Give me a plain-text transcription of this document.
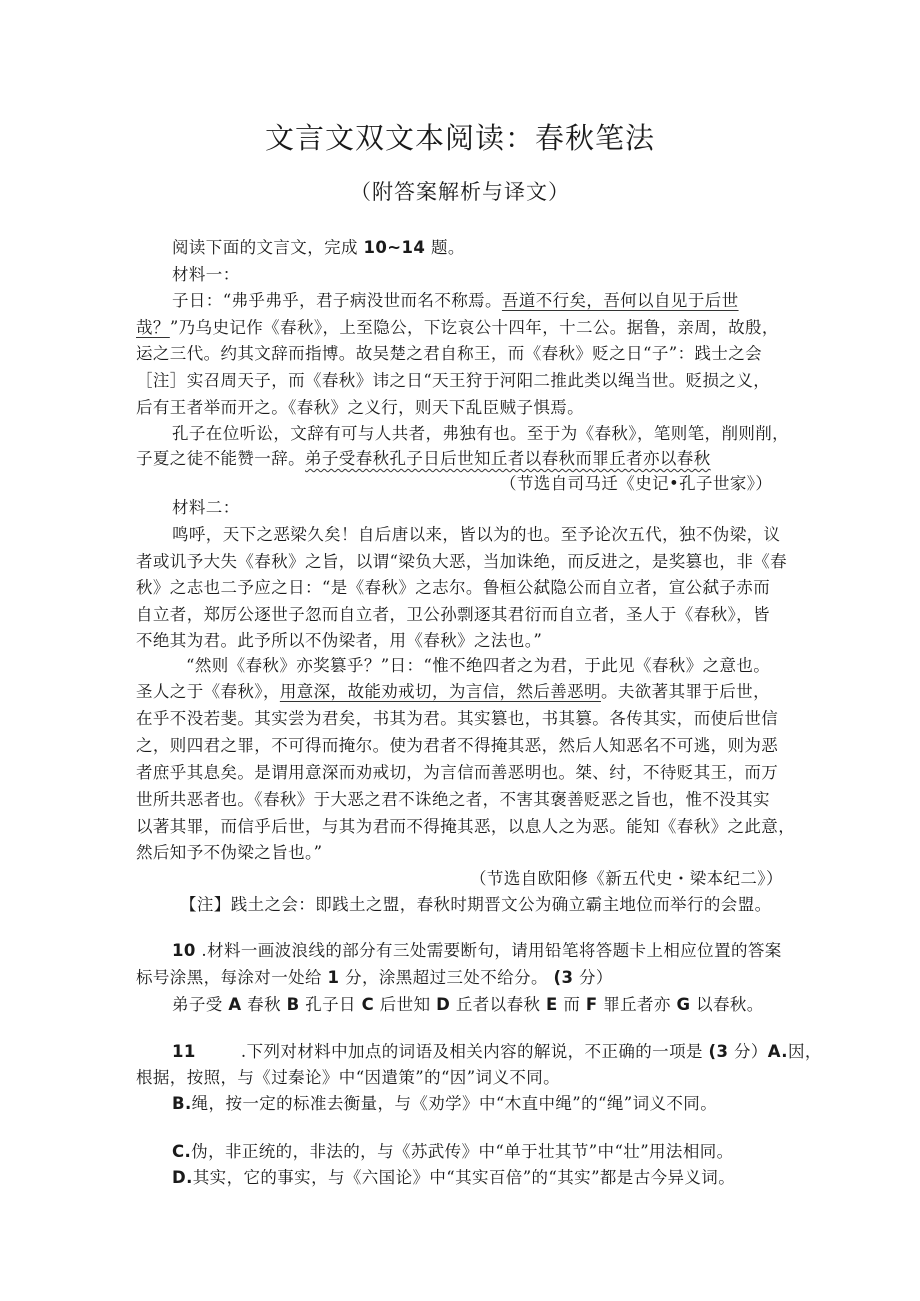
文言文双文本阅读：春秋笔法
（附答案解析与译文）
阅读下面的文言文，完成 10~14 题。
材料一：
子日：“弗乎弗乎，君子病没世而名不称焉。吾道不行矣，吾何以自见于后世
哉？”乃乌史记作《春秋》，上至隐公，下讫哀公十四年，十二公。据鲁，亲周，故殷，
运之三代。约其文辞而指博。故吴楚之君自称王，而《春秋》贬之日“子”：践士之会
［注］实召周天子，而《春秋》讳之日“天王狩于河阳二推此类以绳当世。贬损之义，
后有王者举而开之。《春秋》之义行，则天下乱臣贼子惧焉。
孔子在位听讼，文辞有可与人共者，弗独有也。至于为《春秋》，笔则笔，削则削，
子夏之徒不能赞一辞。弟子受春秋孔子日后世知丘者以春秋而罪丘者亦以春秋
（节选自司马迁《史记•孔子世家》）
材料二：
鸣呼，天下之恶梁久矣！自后唐以来，皆以为的也。至予论次五代，独不伪梁，议
者或讥予大失《春秋》之旨，以谓“梁负大恶，当加诛绝，而反进之，是奖篡也，非《春
秋》之志也二予应之日：“是《春秋》之志尔。鲁桓公弑隐公而自立者，宣公弑子赤而
自立者，郑厉公逐世子忽而自立者，卫公孙剽逐其君衍而自立者，圣人于《春秋》，皆
不绝其为君。此予所以不伪梁者，用《春秋》之法也。”
“然则《春秋》亦奖篡乎？”日：“惟不绝四者之为君，于此见《春秋》之意也。
圣人之于《春秋》，用意深，故能劝戒切，为言信，然后善恶明。夫欲著其罪于后世，
在乎不没若斐。其实尝为君矣，书其为君。其实篡也，书其篡。各传其实，而使后世信
之，则四君之罪，不可得而掩尔。使为君者不得掩其恶，然后人知恶名不可逃，则为恶
者庶乎其息矣。是谓用意深而劝戒切，为言信而善恶明也。桀、纣，不待贬其王，而万
世所共恶者也。《春秋》于大恶之君不诛绝之者，不害其褒善贬恶之旨也，惟不没其实
以著其罪，而信乎后世，与其为君而不得掩其恶，以息人之为恶。能知《春秋》之此意，
然后知予不伪梁之旨也。”
（节选自欧阳修《新五代史・梁本纪二》）
【注】践土之会：即践土之盟，春秋时期晋文公为确立霸主地位而举行的会盟。
10 .材料一画波浪线的部分有三处需要断句，请用铅笔将答题卡上相应位置的答案
标号涂黑，每涂对一处给 1 分，涂黑超过三处不给分。 (3 分）
弟子受 A 春秋 B 孔子日 C 后世知 D 丘者以春秋 E 而 F 罪丘者亦 G 以春秋。
11        .下列对材料中加点的词语及相关内容的解说，不正确的一项是 (3 分）A.因，
根据，按照，与《过秦论》中“因遣策”的“因”词义不同。
B.绳，按一定的标准去衡量，与《劝学》中“木直中绳”的“绳”词义不同。
C.伪，非正统的，非法的，与《苏武传》中“单于壮其节”中“壮”用法相同。
D.其实，它的事实，与《六国论》中“其实百倍”的“其实”都是古今异义词。
